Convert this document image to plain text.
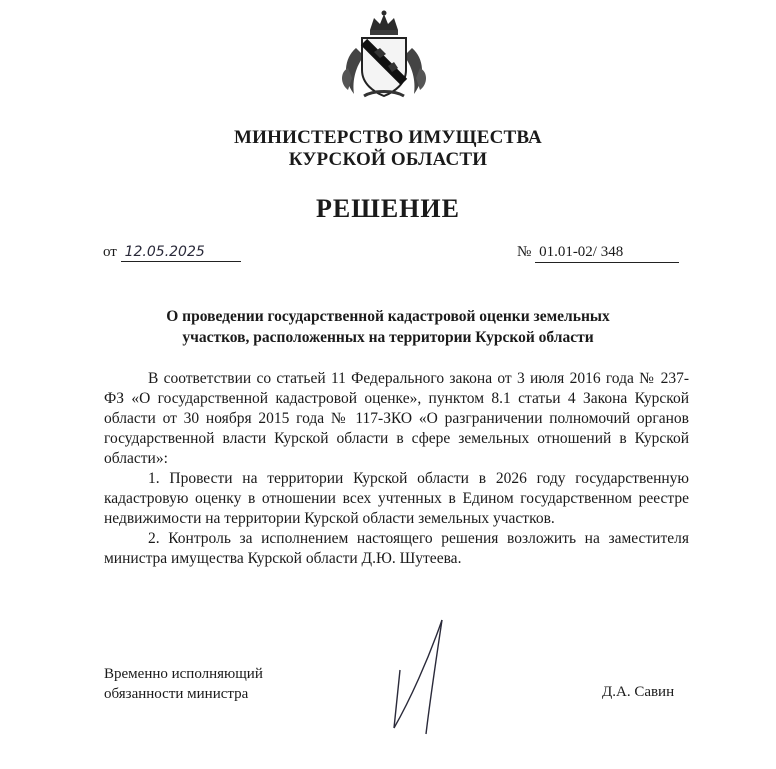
МИНИСТЕРСТВО ИМУЩЕСТВА
КУРСКОЙ ОБЛАСТИ
РЕШЕНИЕ
от 12.05.2025	№ 01.01-02/ 348
О проведении государственной кадастровой оценки земельных
участков, расположенных на территории Курской области

В соответствии со статьей 11 Федерального закона от 3 июля 2016 года № 237-ФЗ «О государственной кадастровой оценке», пунктом 8.1 статьи 4 Закона Курской области от 30 ноября 2015 года № 117-ЗКО «О разграничении полномочий органов государственной власти Курской области в сфере земельных отношений в Курской области»:

1. Провести на территории Курской области в 2026 году государственную кадастровую оценку в отношении всех учтенных в Едином государственном реестре недвижимости на территории Курской области земельных участков.

2. Контроль за исполнением настоящего решения возложить на заместителя министра имущества Курской области Д.Ю. Шутеева.

Временно исполняющий
обязанности министра	Д.А. Савин
